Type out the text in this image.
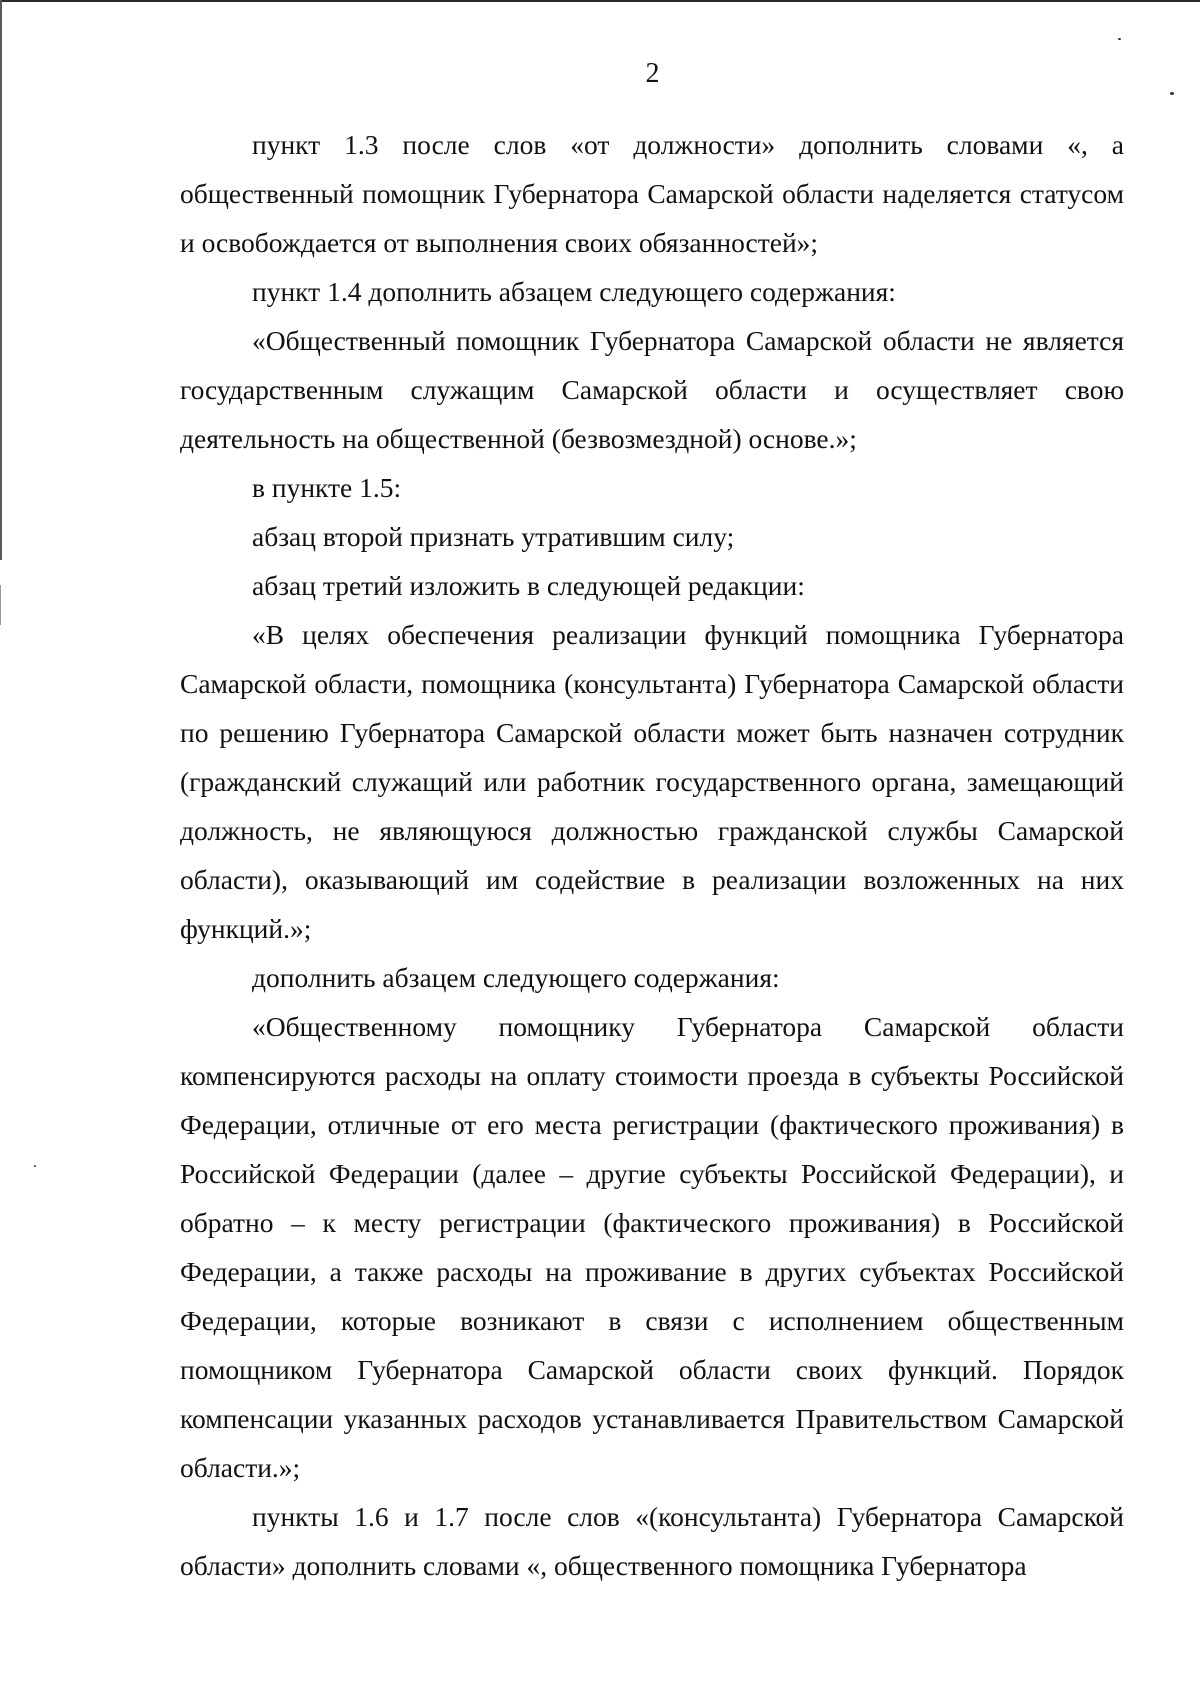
2

пункт 1.3 после слов «от должности» дополнить словами «, а общественный помощник Губернатора Самарской области наделяется статусом и освобождается от выполнения своих обязанностей»;

пункт 1.4 дополнить абзацем следующего содержания:

«Общественный помощник Губернатора Самарской области не является государственным служащим Самарской области и осуществляет свою деятельность на общественной (безвозмездной) основе.»;

в пункте 1.5:

абзац второй признать утратившим силу;

абзац третий изложить в следующей редакции:

«В целях обеспечения реализации функций помощника Губернатора Самарской области, помощника (консультанта) Губернатора Самарской области по решению Губернатора Самарской области может быть назначен сотрудник (гражданский служащий или работник государственного органа, замещающий должность, не являющуюся должностью гражданской службы Самарской области), оказывающий им содействие в реализации возложенных на них функций.»;

дополнить абзацем следующего содержания:

«Общественному помощнику Губернатора Самарской области компенсируются расходы на оплату стоимости проезда в субъекты Российской Федерации, отличные от его места регистрации (фактического проживания) в Российской Федерации (далее – другие субъекты Российской Федерации), и обратно – к месту регистрации (фактического проживания) в Российской Федерации, а также расходы на проживание в других субъектах Российской Федерации, которые возникают в связи с исполнением общественным помощником Губернатора Самарской области своих функций. Порядок компенсации указанных расходов устанавливается Правительством Самарской области.»;

пункты 1.6 и 1.7 после слов «(консультанта) Губернатора Самарской области» дополнить словами «, общественного помощника Губернатора
